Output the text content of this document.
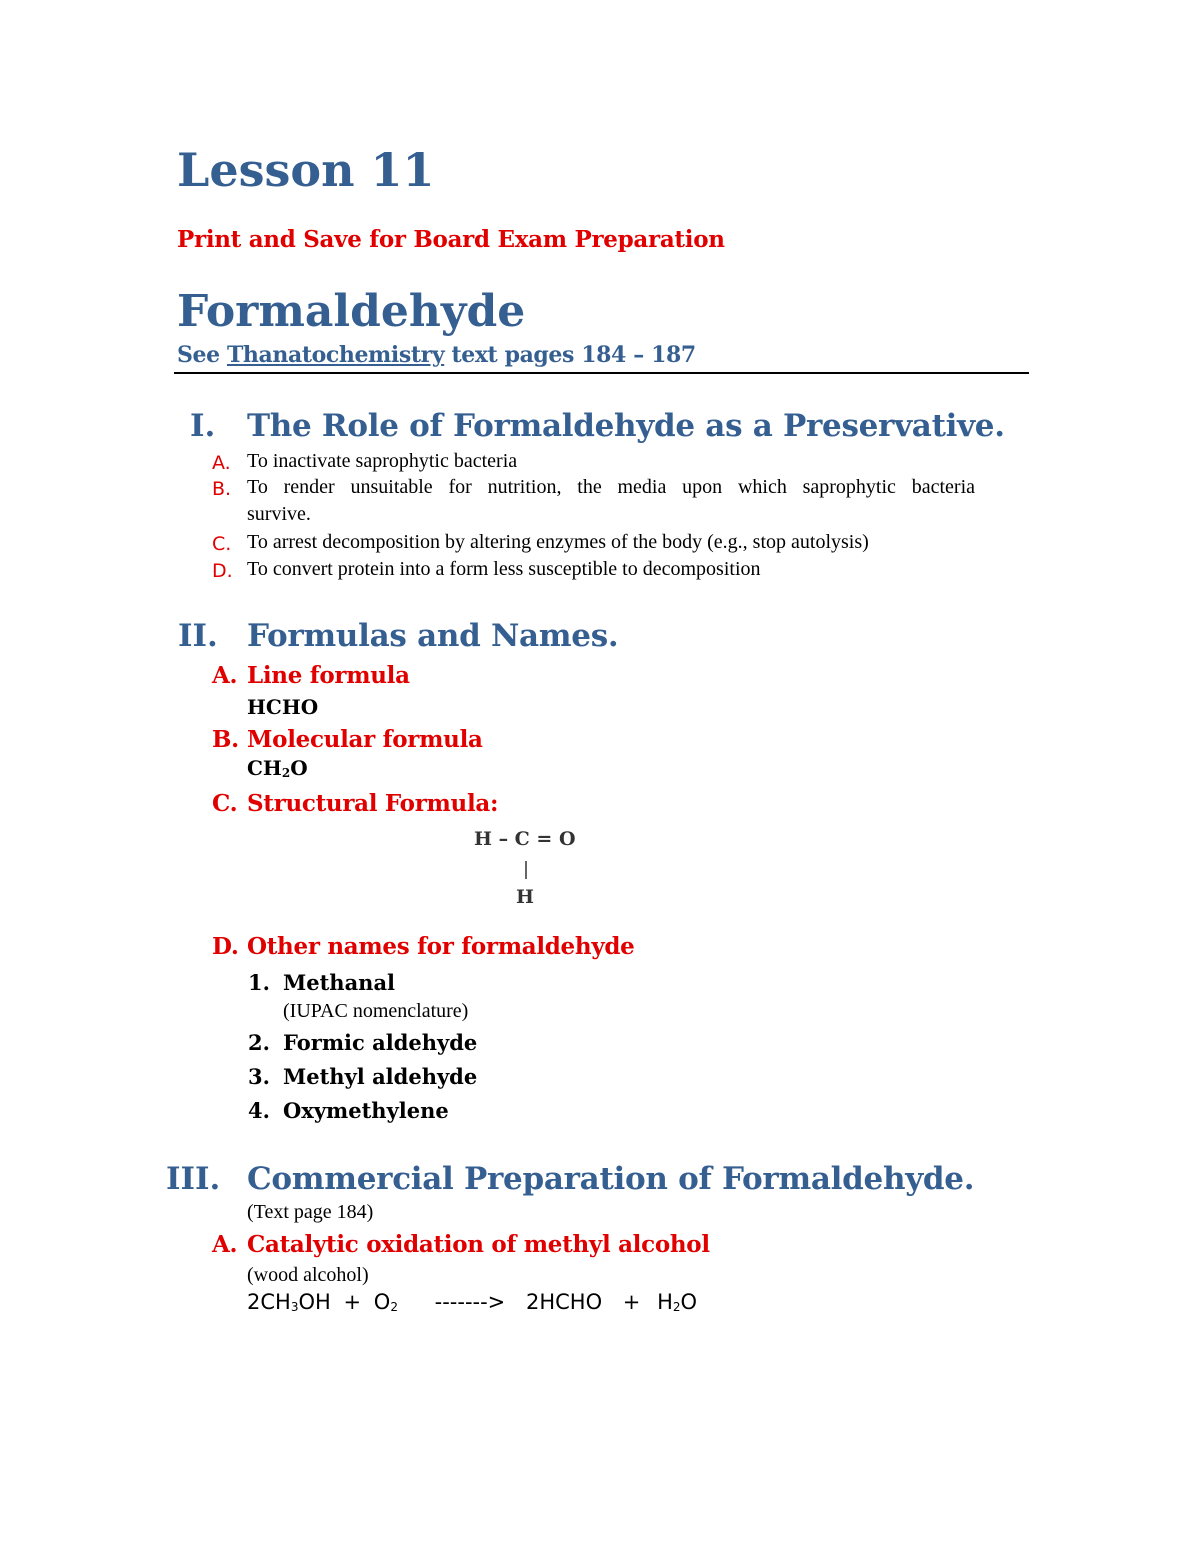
Lesson 11
Print and Save for Board Exam Preparation
Formaldehyde
See Thanatochemistry text pages 184 – 187
I. The Role of Formaldehyde as a Preservative.
A. To inactivate saprophytic bacteria
B. To render unsuitable for nutrition, the media upon which saprophytic bacteria
survive.
C. To arrest decomposition by altering enzymes of the body (e.g., stop autolysis)
D. To convert protein into a form less susceptible to decomposition
II. Formulas and Names.
A. Line formula
HCHO
B. Molecular formula
$CH_2O$
C. Structural Formula:
H – C = O
H
D. Other names for formaldehyde
1. Methanal
(IUPAC nomenclature)
2. Formic aldehyde
3. Methyl aldehyde
4. Oxymethylene
III. Commercial Preparation of Formaldehyde.
(Text page 184)
A. Catalytic oxidation of methyl alcohol
(wood alcohol)
$2CH_3OH + O_2$ -------> 2HCHO + $H_2O$
